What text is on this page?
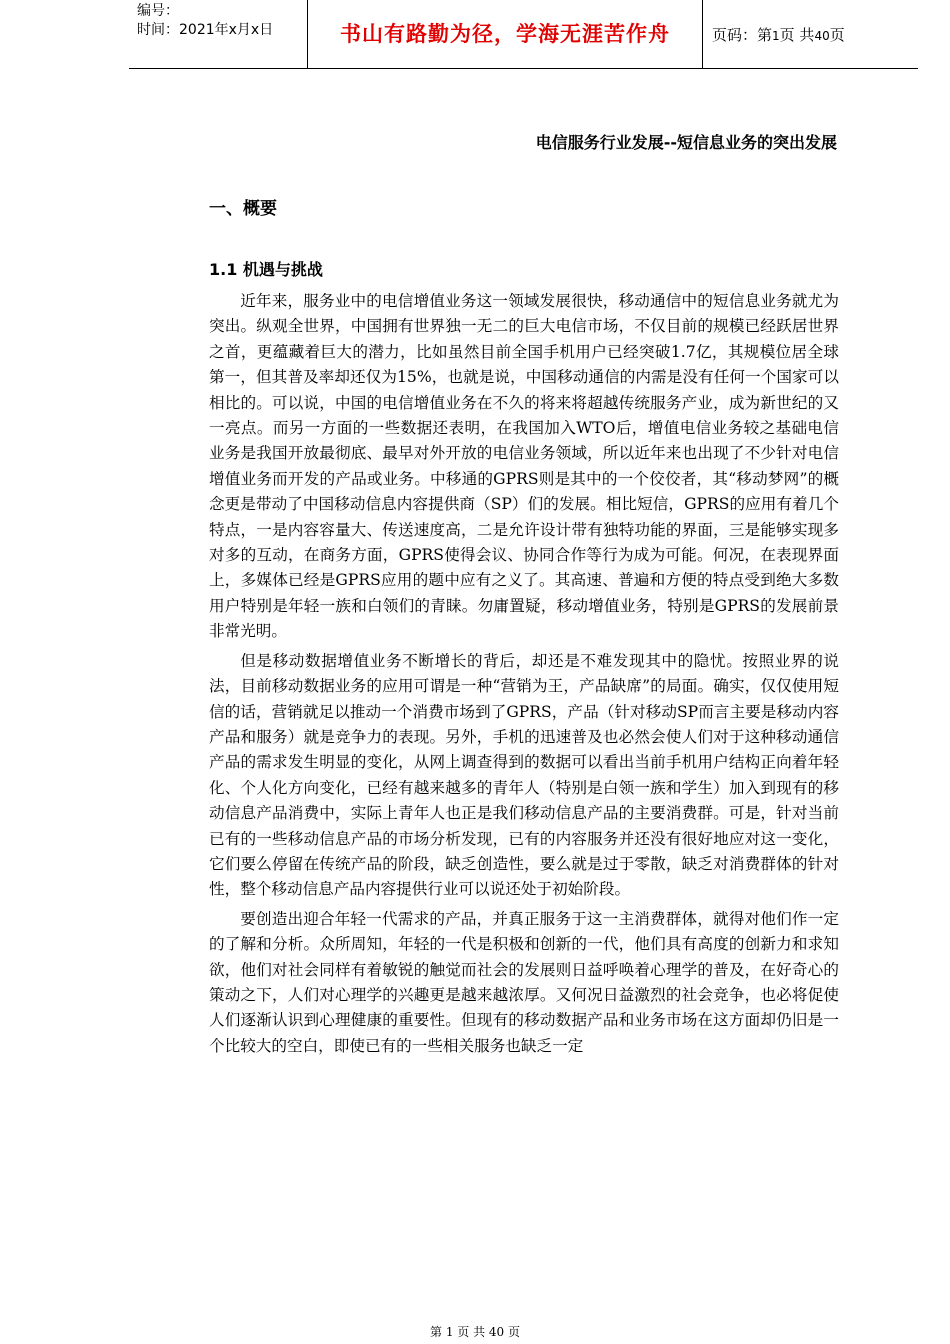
编号：
时间：2021年x月x日	书山有路勤为径，学海无涯苦作舟	页码：第1页 共40页
电信服务行业发展--短信息业务的突出发展
一、概要
1.1 机遇与挑战

近年来，服务业中的电信增值业务这一领域发展很快，移动通信中的短信息业务就尤为突出。纵观全世界，中国拥有世界独一无二的巨大电信市场，不仅目前的规模已经跃居世界之首，更蕴藏着巨大的潜力，比如虽然目前全国手机用户已经突破1.7亿，其规模位居全球第一，但其普及率却还仅为15%，也就是说，中国移动通信的内需是没有任何一个国家可以相比的。可以说，中国的电信增值业务在不久的将来将超越传统服务产业，成为新世纪的又一亮点。而另一方面的一些数据还表明，在我国加入WTO后，增值电信业务较之基础电信业务是我国开放最彻底、最早对外开放的电信业务领域，所以近年来也出现了不少针对电信增值业务而开发的产品或业务。中移通的GPRS则是其中的一个佼佼者，其“移动梦网”的概念更是带动了中国移动信息内容提供商（SP）们的发展。相比短信，GPRS的应用有着几个特点，一是内容容量大、传送速度高，二是允许设计带有独特功能的界面，三是能够实现多对多的互动，在商务方面，GPRS使得会议、协同合作等行为成为可能。何况，在表现界面上，多媒体已经是GPRS应用的题中应有之义了。其高速、普遍和方便的特点受到绝大多数用户特别是年轻一族和白领们的青睐。勿庸置疑，移动增值业务，特别是GPRS的发展前景非常光明。

但是移动数据增值业务不断增长的背后，却还是不难发现其中的隐忧。按照业界的说法，目前移动数据业务的应用可谓是一种“营销为王，产品缺席”的局面。确实，仅仅使用短信的话，营销就足以推动一个消费市场到了GPRS，产品（针对移动SP而言主要是移动内容产品和服务）就是竞争力的表现。另外，手机的迅速普及也必然会使人们对于这种移动通信产品的需求发生明显的变化，从网上调查得到的数据可以看出当前手机用户结构正向着年轻化、个人化方向变化，已经有越来越多的青年人（特别是白领一族和学生）加入到现有的移动信息产品消费中，实际上青年人也正是我们移动信息产品的主要消费群。可是，针对当前已有的一些移动信息产品的市场分析发现，已有的内容服务并还没有很好地应对这一变化，它们要么停留在传统产品的阶段，缺乏创造性，要么就是过于零散，缺乏对消费群体的针对性，整个移动信息产品内容提供行业可以说还处于初始阶段。

要创造出迎合年轻一代需求的产品，并真正服务于这一主消费群体，就得对他们作一定的了解和分析。众所周知，年轻的一代是积极和创新的一代，他们具有高度的创新力和求知欲，他们对社会同样有着敏锐的触觉而社会的发展则日益呼唤着心理学的普及，在好奇心的策动之下，人们对心理学的兴趣更是越来越浓厚。又何况日益激烈的社会竞争，也必将促使人们逐渐认识到心理健康的重要性。但现有的移动数据产品和业务市场在这方面却仍旧是一个比较大的空白，即使已有的一些相关服务也缺乏一定

第 1 页 共 40 页
